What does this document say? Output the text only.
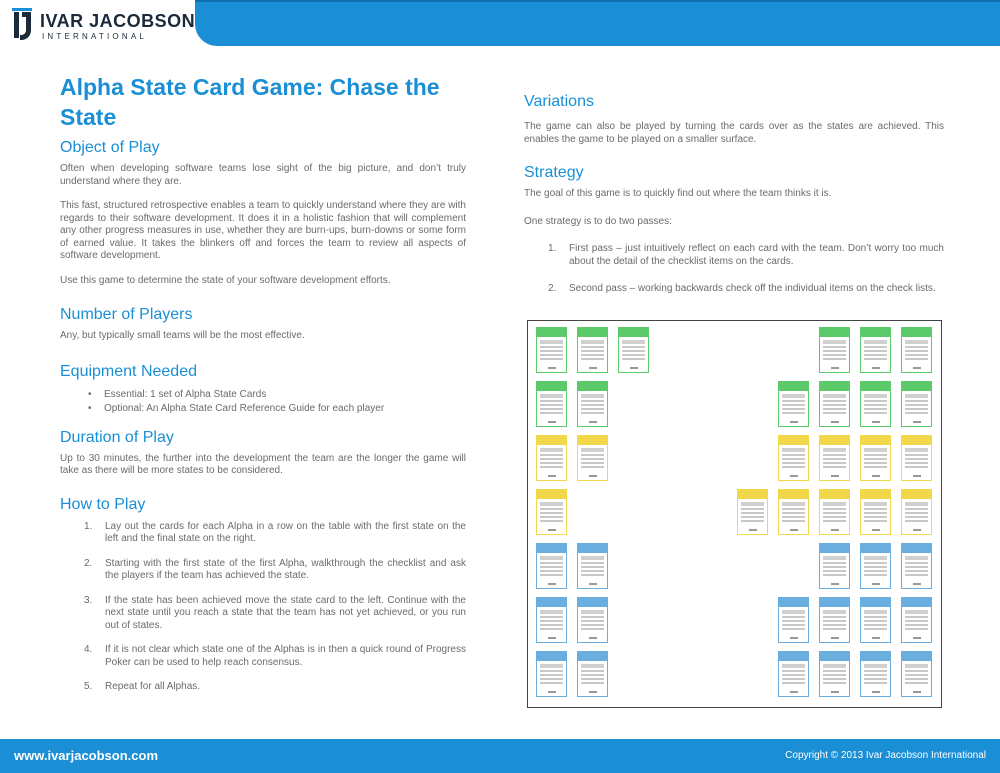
IVAR JACOBSON
INTERNATIONAL
Alpha State Card Game: Chase the State
Object of Play

Often when developing software teams lose sight of the big picture, and don’t truly understand where they are.

This fast, structured retrospective enables a team to quickly understand where they are with regards to their software development. It does it in a holistic fashion that will complement any other progress measures in use, whether they are burn-ups, burn-downs or some form of earned value. It takes the blinkers off and forces the team to review all aspects of software development.

Use this game to determine the state of your software development efforts.

Number of Players

Any, but typically small teams will be the most effective.

Equipment Needed
• Essential: 1 set of Alpha State Cards
• Optional: An Alpha State Card Reference Guide for each player
Duration of Play

Up to 30 minutes, the further into the development the team are the longer the game will take as there will be more states to be considered.

How to Play
1. Lay out the cards for each Alpha in a row on the table with the first state on the left and the final state on the right.
2. Starting with the first state of the first Alpha, walkthrough the checklist and ask the players if the team has achieved the state.
3. If the state has been achieved move the state card to the left. Continue with the next state until you reach a state that the team has not yet achieved, or you run out of states.
4. If it is not clear which state one of the Alphas is in then a quick round of Progress Poker can be used to help reach consensus.
5. Repeat for all Alphas.
Variations

The game can also be played by turning the cards over as the states are achieved. This enables the game to be played on a smaller surface.

Strategy

The goal of this game is to quickly find out where the team thinks it is.

One strategy is to do two passes:

1. First pass – just intuitively reflect on each card with the team. Don’t worry too much about the detail of the checklist items on the cards.
2. Second pass – working backwards check off the individual items on the check lists.
www.ivarjacobson.com	Copyright © 2013 Ivar Jacobson International
